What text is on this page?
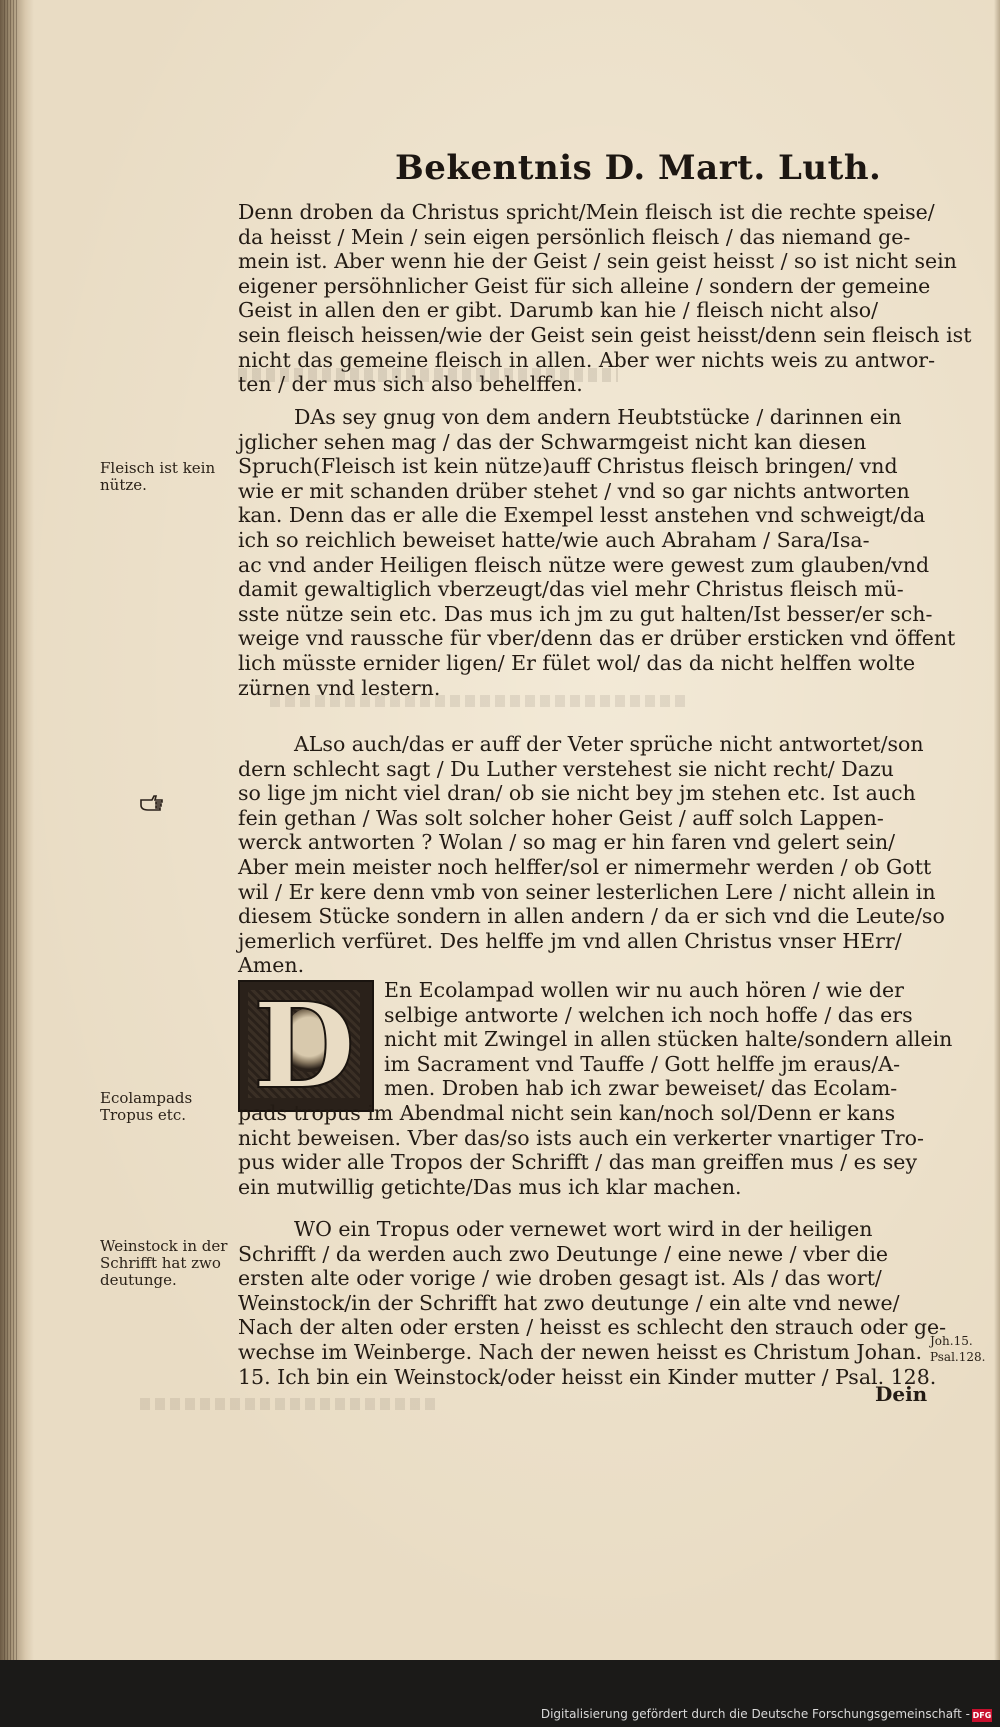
Bekentnis D. Mart. Luth.
Denn droben da Christus spricht/Mein fleisch ist die rechte speise/
da heisst / Mein / sein eigen persönlich fleisch / das niemand ge-
mein ist. Aber wenn hie der Geist / sein geist heisst / so ist nicht sein
eigener persöhnlicher Geist für sich alleine / sondern der gemeine
Geist in allen den er gibt. Darumb kan hie / fleisch nicht also/
sein fleisch heissen/wie der Geist sein geist heisst/denn sein fleisch ist
nicht das gemeine fleisch in allen. Aber wer nichts weis zu antwor-
ten / der mus sich also behelffen.
DAs sey gnug von dem andern Heubtstücke / darinnen ein
jglicher sehen mag / das der Schwarmgeist nicht kan diesen
Spruch(Fleisch ist kein nütze)auff Christus fleisch bringen/ vnd
wie er mit schanden drüber stehet / vnd so gar nichts antworten
kan. Denn das er alle die Exempel lesst anstehen vnd schweigt/da
ich so reichlich beweiset hatte/wie auch Abraham / Sara/Isa-
ac vnd ander Heiligen fleisch nütze were gewest zum glauben/vnd
damit gewaltiglich vberzeugt/das viel mehr Christus fleisch mü-
sste nütze sein etc. Das mus ich jm zu gut halten/Ist besser/er sch-
weige vnd raussche für vber/denn das er drüber ersticken vnd öffent
lich müsste ernider ligen/ Er fület wol/ das da nicht helffen wolte
zürnen vnd lestern.
ALso auch/das er auff der Veter sprüche nicht antwortet/son
dern schlecht sagt / Du Luther verstehest sie nicht recht/ Dazu
so lige jm nicht viel dran/ ob sie nicht bey jm stehen etc. Ist auch
fein gethan / Was solt solcher hoher Geist / auff solch Lappen-
werck antworten ? Wolan / so mag er hin faren vnd gelert sein/
Aber mein meister noch helffer/sol er nimermehr werden / ob Gott
wil / Er kere denn vmb von seiner lesterlichen Lere / nicht allein in
diesem Stücke sondern in allen andern / da er sich vnd die Leute/so
jemerlich verfüret. Des helffe jm vnd allen Christus vnser HErr/
Amen.
D	En Ecolampad wollen wir nu auch hören / wie der
selbige antworte / welchen ich noch hoffe / das ers
nicht mit Zwingel in allen stücken halte/sondern allein
im Sacrament vnd Tauffe / Gott helffe jm eraus/A-
men. Droben hab ich zwar beweiset/ das Ecolam-
pads tropus im Abendmal nicht sein kan/noch sol/Denn er kans
nicht beweisen. Vber das/so ists auch ein verkerter vnartiger Tro-
pus wider alle Tropos der Schrifft / das man greiffen mus / es sey
ein mutwillig getichte/Das mus ich klar machen.
WO ein Tropus oder vernewet wort wird in der heiligen
Schrifft / da werden auch zwo Deutunge / eine newe / vber die
ersten alte oder vorige / wie droben gesagt ist. Als / das wort/
Weinstock/in der Schrifft hat zwo deutunge / ein alte vnd newe/
Nach der alten oder ersten / heisst es schlecht den strauch oder ge-
wechse im Weinberge. Nach der newen heisst es Christum Johan.
15. Ich bin ein Weinstock/oder heisst ein Kinder mutter / Psal. 128.
Dein
Fleisch ist kein
nütze.
Ecolampads
Tropus etc.
Weinstock in der
Schrifft hat zwo
deutunge.
Joh.15.
Psal.128.
Digitalisierung gefördert durch die Deutsche Forschungsgemeinschaft - DFG
